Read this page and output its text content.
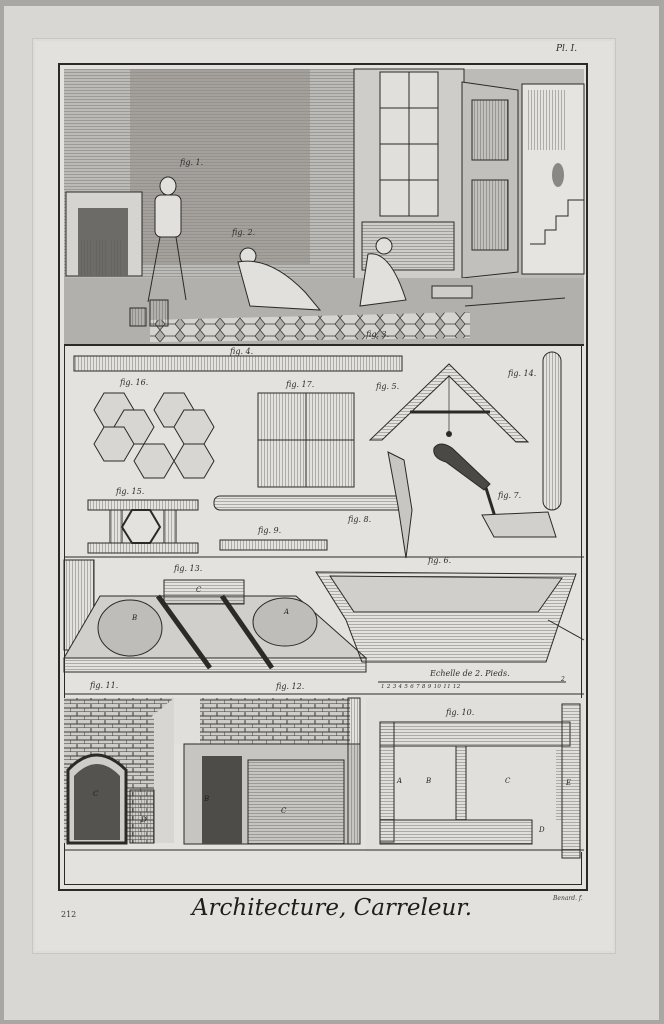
Pl. I.
fig. 1.
fig. 2.
fig. 3.
fig. 4.
fig. 5.
fig. 6.
fig. 7.
fig. 8.
fig. 9.
fig. 10.
fig. 11.	fig. 12.
fig. 13.
fig. 14.
fig. 15.
fig. 16.	fig. 17.
Echelle de 2. Pieds.
1 2 3 4 5 6 7 8 9 10 11 12
2
C
B
A
C
D
B
C
A	B	C	E
D
Benard. f.
Architecture, Carreleur.
212
